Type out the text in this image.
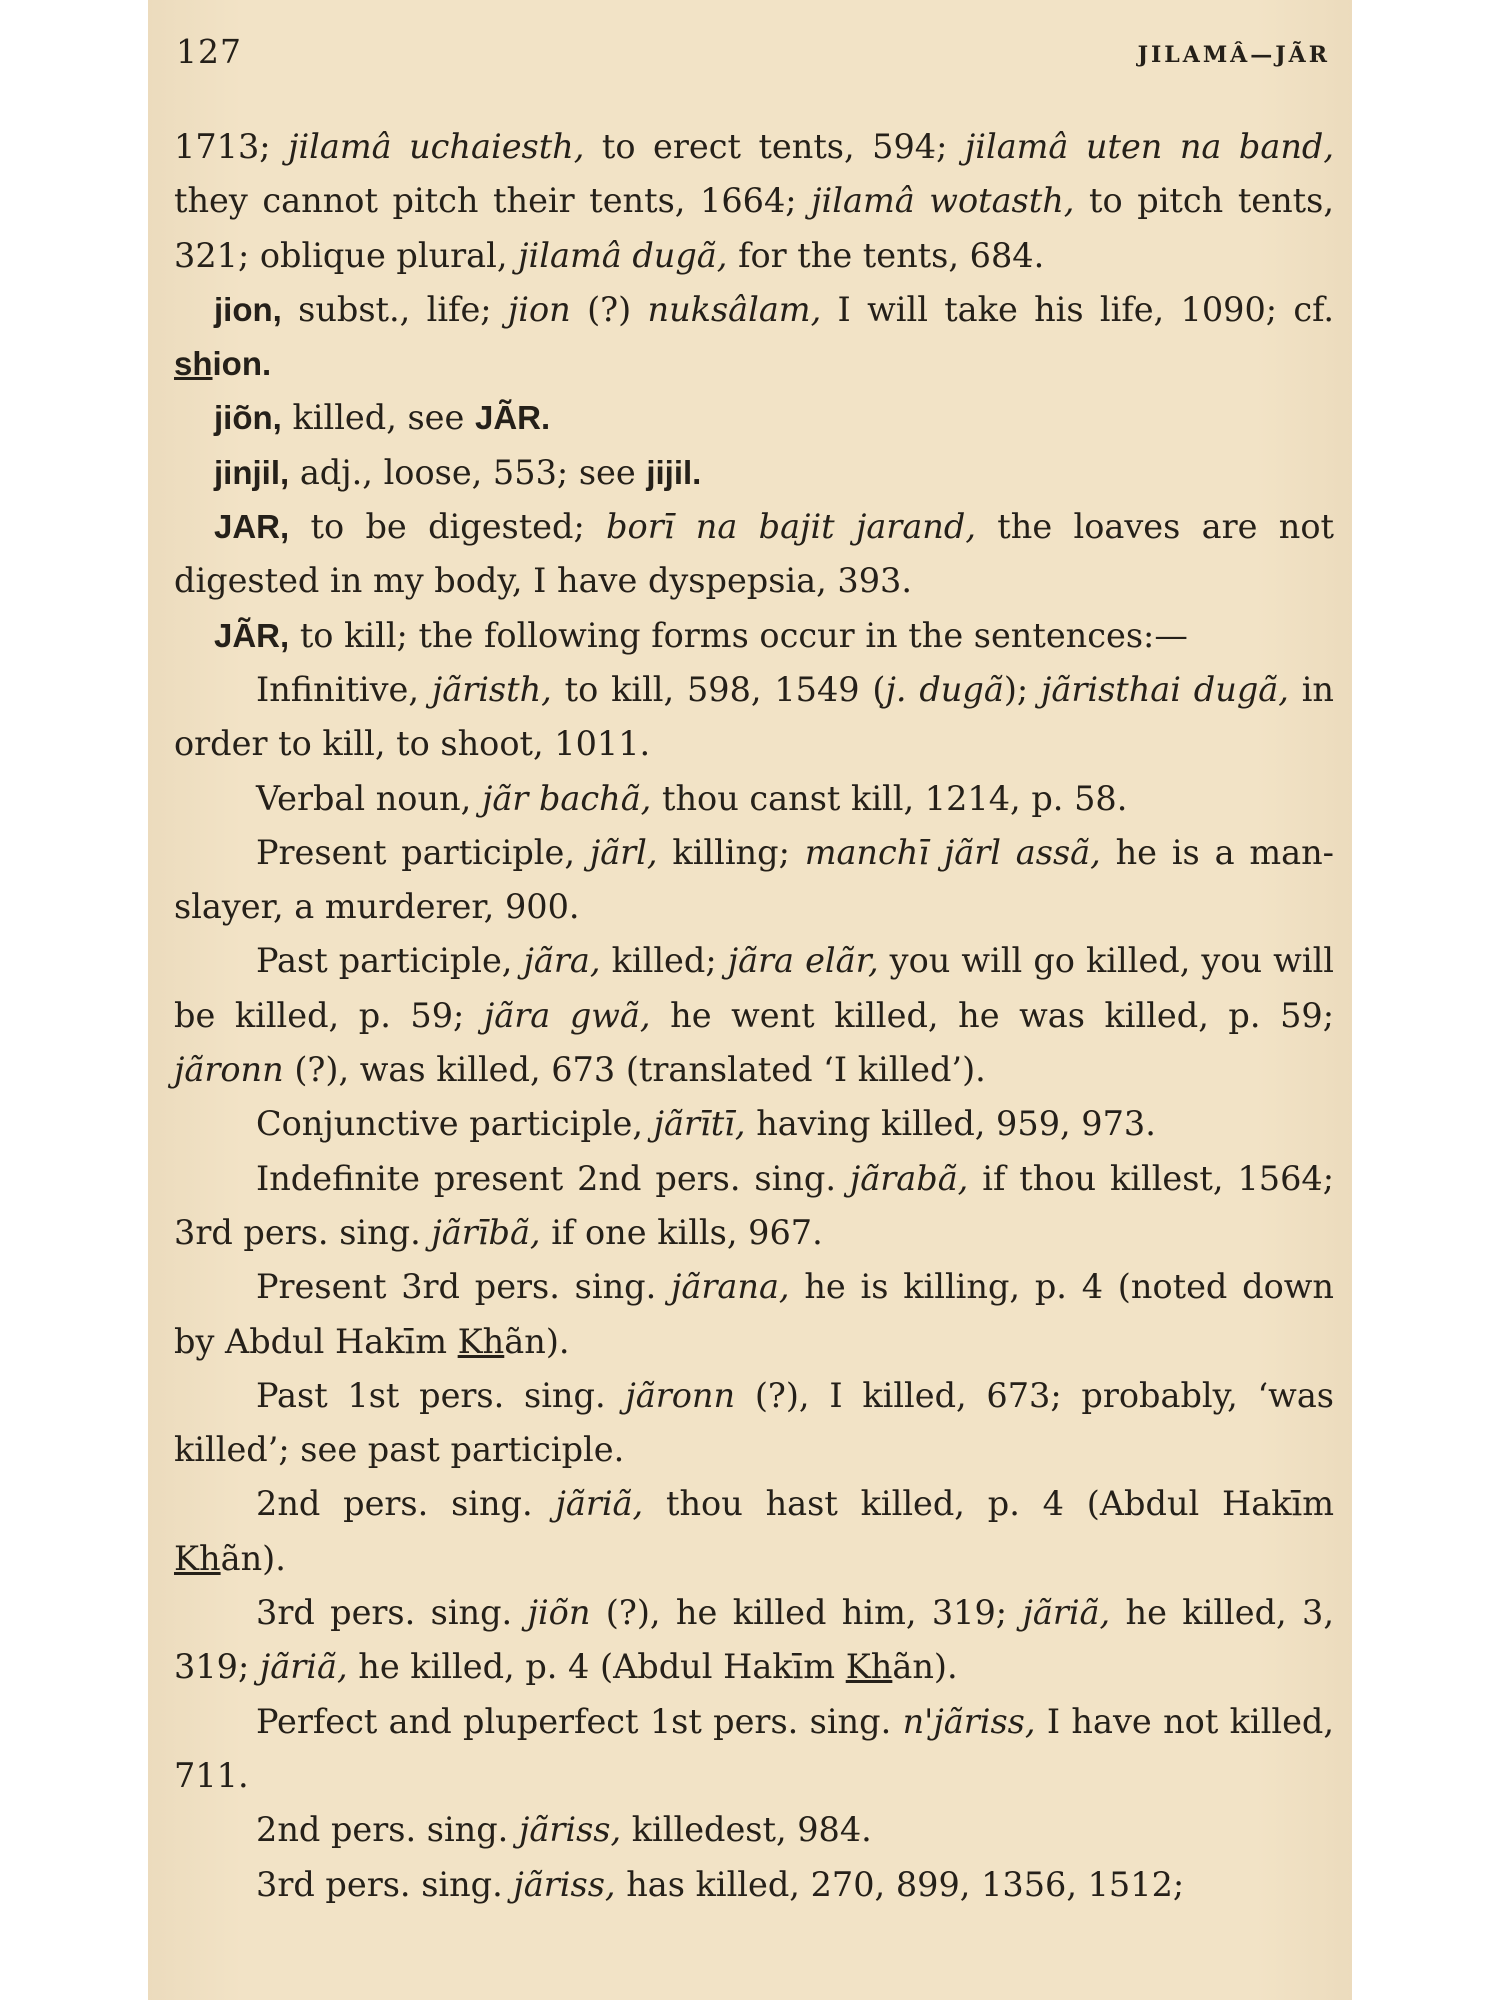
127	JILAMÂ—JÃR

1713; jilamâ uchaiesth, to erect tents, 594; jilamâ uten na band, they cannot pitch their tents, 1664; jilamâ wotasth, to pitch tents, 321; oblique plural, jilamâ dugã, for the tents, 684.

jion, subst., life; jion (?) nuksâlam, I will take his life, 1090; cf. shion.

jiõn, killed, see JÃR.

jinjil, adj., loose, 553; see jijil.

JAR, to be digested; borī na bajit jarand, the loaves are not digested in my body, I have dyspepsia, 393.

JÃR, to kill; the following forms occur in the sentences:—

Infinitive, jãristh, to kill, 598, 1549 (j. dugã); jãristhai dugã, in order to kill, to shoot, 1011.

Verbal noun, jãr bachã, thou canst kill, 1214, p. 58.

Present participle, jãrl, killing; manchī jãrl assã, he is a man-slayer, a murderer, 900.

Past participle, jãra, killed; jãra elãr, you will go killed, you will be killed, p. 59; jãra gwã, he went killed, he was killed, p. 59; jãronn (?), was killed, 673 (translated ‘I killed’).

Conjunctive participle, jãrītī, having killed, 959, 973.

Indefinite present 2nd pers. sing. jãrabã, if thou killest, 1564; 3rd pers. sing. jãrībã, if one kills, 967.

Present 3rd pers. sing. jãrana, he is killing, p. 4 (noted down by Abdul Hakīm Khãn).

Past 1st pers. sing. jãronn (?), I killed, 673; probably, ‘was killed’; see past participle.

2nd pers. sing. jãriã, thou hast killed, p. 4 (Abdul Hakīm Khãn).

3rd pers. sing. jiõn (?), he killed him, 319; jãriã, he killed, 3, 319; jãriã, he killed, p. 4 (Abdul Hakīm Khãn).

Perfect and pluperfect 1st pers. sing. n'jãriss, I have not killed, 711.

2nd pers. sing. jãriss, killedest, 984.

3rd pers. sing. jãriss, has killed, 270, 899, 1356, 1512;
